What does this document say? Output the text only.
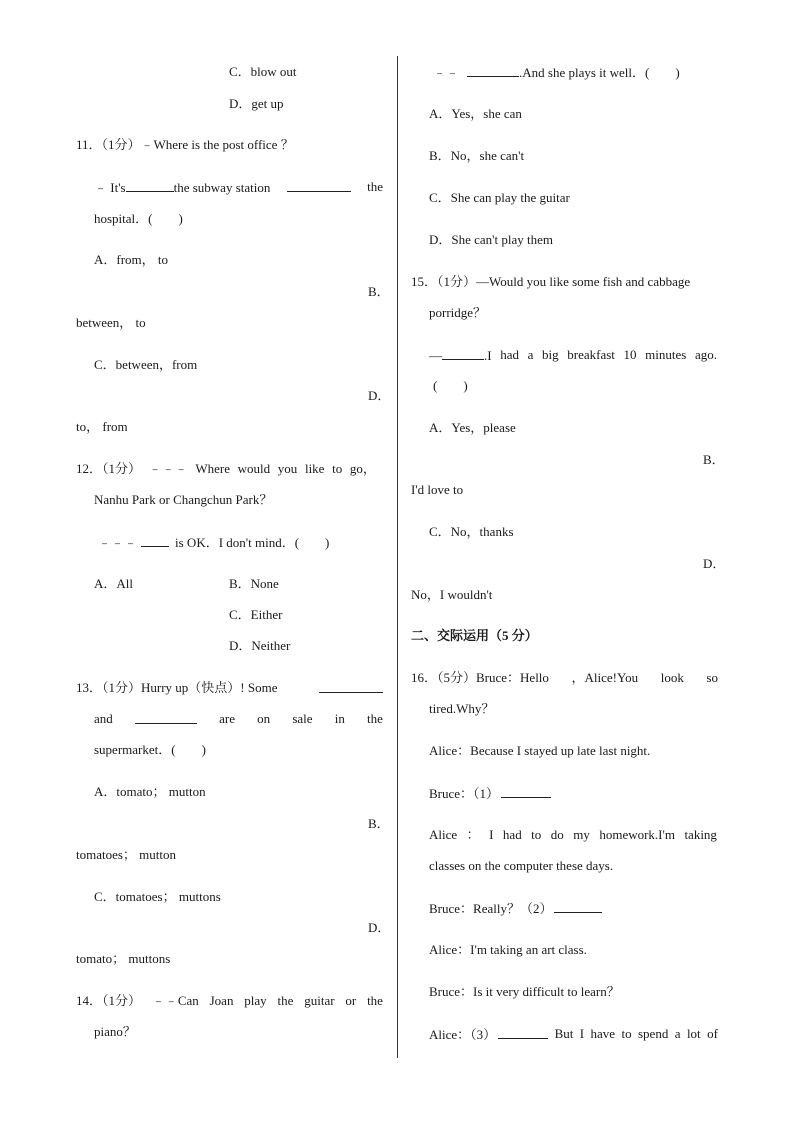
C．blow out
D．get up
11．（1分）﹣Where is the post office ？
﹣ It's	the subway station	the
hospital．(　　)
A．from， to
B．
between， to
C．between，from
D．
to， from
12．（1分） ﹣﹣﹣ Where would you like to go，
Nanhu Park or Changchun Park？
﹣﹣﹣	is OK．I don't mind．(　　)
A．All	B．None
C．Either
D．Neither
13．（1分）Hurry up（快点）! Some
and	are on sale in the
supermarket．(　　)
A．tomato； mutton
B．
tomatoes； mutton
C．tomatoes； muttons
D．
tomato； muttons
14．（1分） ﹣﹣Can Joan play the guitar or the
piano？
﹣﹣	.And she plays it well．(　　)
A．Yes，she can
B．No，she can't
C．She can play the guitar
D．She can't play them
15．（1分）—Would you like some fish and cabbage
porridge？
—	.I had a big breakfast 10 minutes ago.
(　　)
A．Yes，please
B．
I'd love to
C．No，thanks
D．
No，I wouldn't
二、交际运用（5 分）
16．（5分）Bruce：Hello ，Alice!You look so
tired.Why？
Alice：Because I stayed up late last night.
Bruce：（1）
Alice ： I had to do my homework.I'm taking
classes on the computer these days.
Bruce：Really？（2）
Alice：I'm taking an art class.
Bruce：Is it very difficult to learn？
Alice：（3）	But I have to spend a lot of
